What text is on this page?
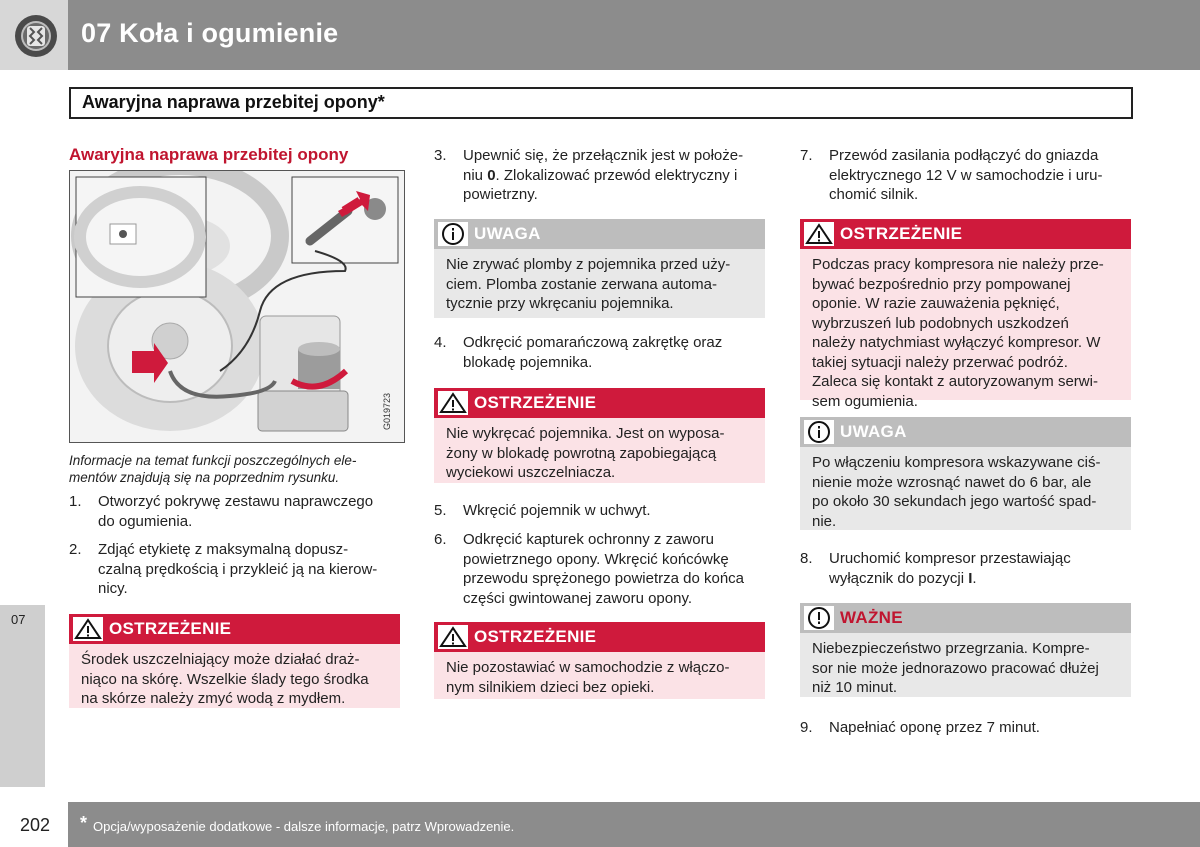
07 Koła i ogumienie
Awaryjna naprawa przebitej opony*
07
Awaryjna naprawa przebitej opony
G019723
Informacje na temat funkcji poszczególnych ele-
mentów znajdują się na poprzednim rysunku.
1. Otworzyć pokrywę zestawu naprawczego
do ogumienia.
2. Zdjąć etykietę z maksymalną dopusz-
czalną prędkością i przykleić ją na kierow-
nicy.
OSTRZEŻENIE
Środek uszczelniający może działać draż-
niąco na skórę. Wszelkie ślady tego środka
na skórze należy zmyć wodą z mydłem.
3. Upewnić się, że przełącznik jest w położe-
niu 0. Zlokalizować przewód elektryczny i
powietrzny.
UWAGA
Nie zrywać plomby z pojemnika przed uży-
ciem. Plomba zostanie zerwana automa-
tycznie przy wkręcaniu pojemnika.
4. Odkręcić pomarańczową zakrętkę oraz
blokadę pojemnika.
OSTRZEŻENIE
Nie wykręcać pojemnika. Jest on wyposa-
żony w blokadę powrotną zapobiegającą
wyciekowi uszczelniacza.
5. Wkręcić pojemnik w uchwyt.
6. Odkręcić kapturek ochronny z zaworu
powietrznego opony. Wkręcić końcówkę
przewodu sprężonego powietrza do końca
części gwintowanej zaworu opony.
OSTRZEŻENIE
Nie pozostawiać w samochodzie z włączo-
nym silnikiem dzieci bez opieki.
7. Przewód zasilania podłączyć do gniazda
elektrycznego 12 V w samochodzie i uru-
chomić silnik.
OSTRZEŻENIE
Podczas pracy kompresora nie należy prze-
bywać bezpośrednio przy pompowanej
oponie. W razie zauważenia pęknięć,
wybrzuszeń lub podobnych uszkodzeń
należy natychmiast wyłączyć kompresor. W
takiej sytuacji należy przerwać podróż.
Zaleca się kontakt z autoryzowanym serwi-
sem ogumienia.
UWAGA
Po włączeniu kompresora wskazywane ciś-
nienie może wzrosnąć nawet do 6 bar, ale
po około 30 sekundach jego wartość spad-
nie.
8. Uruchomić kompresor przestawiając
wyłącznik do pozycji I.
WAŻNE
Niebezpieczeństwo przegrzania. Kompre-
sor nie może jednorazowo pracować dłużej
niż 10 minut.
9. Napełniać oponę przez 7 minut.
202 * Opcja/wyposażenie dodatkowe - dalsze informacje, patrz Wprowadzenie.
